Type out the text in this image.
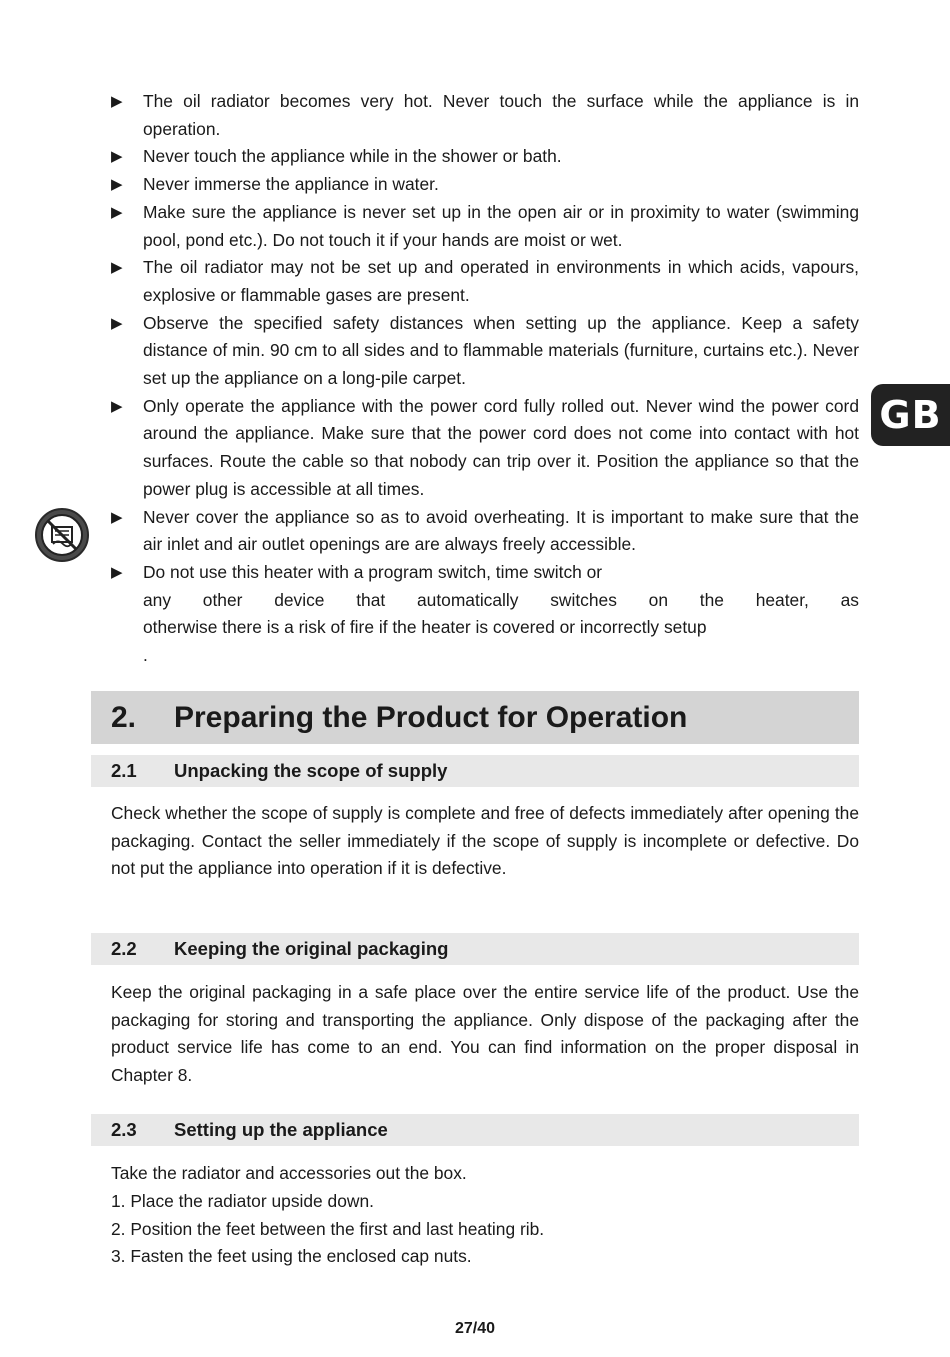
▶	The oil radiator becomes very hot. Never touch the surface while the appliance is in operation.
▶	Never touch the appliance while in the shower or bath.
▶	Never immerse the appliance in water.
▶	Make sure the appliance is never set up in the open air or in proximity to water (swimming pool, pond etc.). Do not touch it if your hands are moist or wet.
▶	The oil radiator may not be set up and operated in environments in which acids, vapours, explosive or flammable gases are present.
▶	Observe the specified safety distances when setting up the appliance. Keep a safety distance of min. 90 cm to all sides and to flammable materials (furniture, curtains etc.). Never set up the appliance on a long-pile carpet.
▶	Only operate the appliance with the power cord fully rolled out. Never wind the power cord around the appliance. Make sure that the power cord does not come into contact with hot surfaces. Route the cable so that nobody can trip over it. Position the appliance so that the power plug is accessible at all times.
▶	Never cover the appliance so as to avoid overheating. It is important to make sure that the air inlet and air outlet openings are are always freely accessible.
▶	Do not use this heater with a program switch, time switch or
any other device that automatically switches on the heater, as
otherwise there is a risk of fire if the heater is covered or incorrectly setup
.
GB
2. Preparing the Product for Operation
2.1 Unpacking the scope of supply

Check whether the scope of supply is complete and free of defects immediately after opening the packaging. Contact the seller immediately if the scope of supply is incomplete or defective. Do not put the appliance into operation if it is defective.

2.2 Keeping the original packaging

Keep the original packaging in a safe place over the entire service life of the product. Use the packaging for storing and transporting the appliance. Only dispose of the packaging after the product service life has come to an end. You can find information on the proper disposal in Chapter 8.

2.3 Setting up the appliance
Take the radiator and accessories out the box.
1. Place the radiator upside down.
2. Position the feet between the first and last heating rib.
3. Fasten the feet using the enclosed cap nuts.
27/40
